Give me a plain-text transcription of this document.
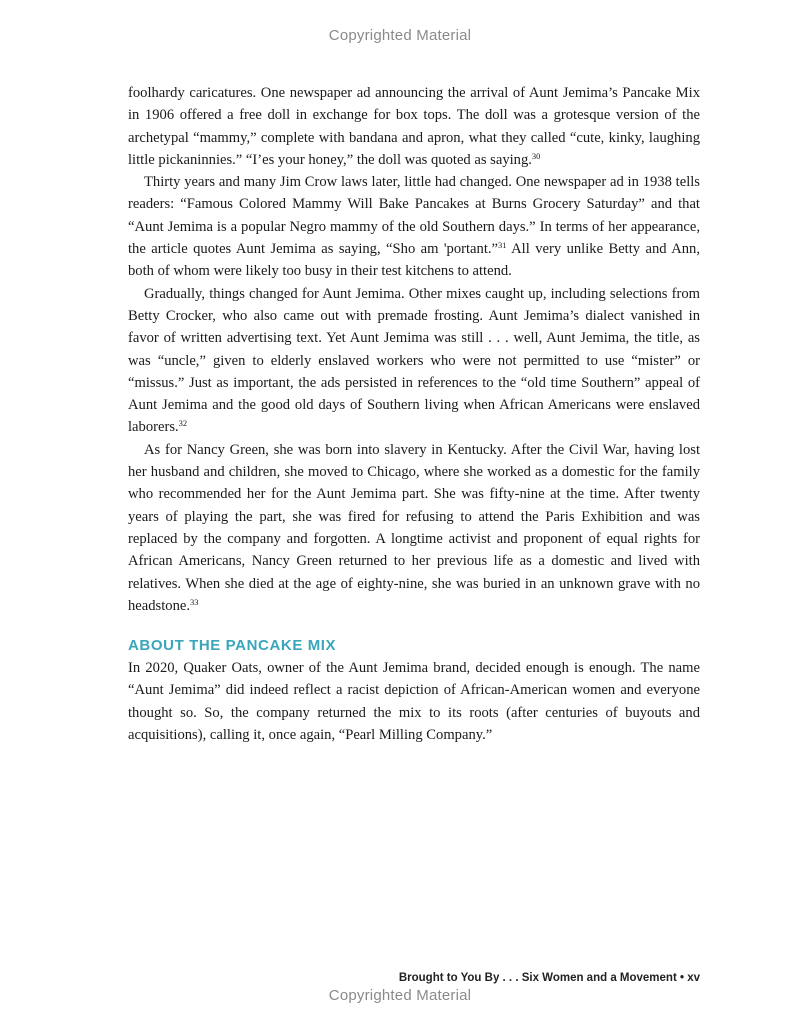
Copyrighted Material

foolhardy caricatures. One newspaper ad announcing the arrival of Aunt Jemima’s Pancake Mix in 1906 offered a free doll in exchange for box tops. The doll was a grotesque version of the archetypal “mammy,” complete with bandana and apron, what they called “cute, kinky, laughing little pickaninnies.” “I’es your honey,” the doll was quoted as saying.$^{30}$

Thirty years and many Jim Crow laws later, little had changed. One newspaper ad in 1938 tells readers: “Famous Colored Mammy Will Bake Pancakes at Burns Grocery Saturday” and that “Aunt Jemima is a popular Negro mammy of the old Southern days.” In terms of her appearance, the article quotes Aunt Jemima as saying, “Sho am 'portant.”$^{31}$ All very unlike Betty and Ann, both of whom were likely too busy in their test kitchens to attend.

Gradually, things changed for Aunt Jemima. Other mixes caught up, including selections from Betty Crocker, who also came out with premade frosting. Aunt Jemima’s dialect vanished in favor of written advertising text. Yet Aunt Jemima was still . . . well, Aunt Jemima, the title, as was “uncle,” given to elderly enslaved workers who were not permitted to use “mister” or “missus.” Just as important, the ads persisted in references to the “old time Southern” appeal of Aunt Jemima and the good old days of Southern living when African Americans were enslaved laborers.$^{32}$

As for Nancy Green, she was born into slavery in Kentucky. After the Civil War, having lost her husband and children, she moved to Chicago, where she worked as a domestic for the family who recommended her for the Aunt Jemima part. She was fifty-nine at the time. After twenty years of playing the part, she was fired for refusing to attend the Paris Exhibition and was replaced by the company and forgotten. A longtime activist and proponent of equal rights for African Americans, Nancy Green returned to her previous life as a domestic and lived with relatives. When she died at the age of eighty-nine, she was buried in an unknown grave with no headstone.$^{33}$

ABOUT THE PANCAKE MIX

In 2020, Quaker Oats, owner of the Aunt Jemima brand, decided enough is enough. The name “Aunt Jemima” did indeed reflect a racist depiction of African-American women and everyone thought so. So, the company returned the mix to its roots (after centuries of buyouts and acquisitions), calling it, once again, “Pearl Milling Company.”

Brought to You By . . . Six Women and a Movement • xv
Copyrighted Material
